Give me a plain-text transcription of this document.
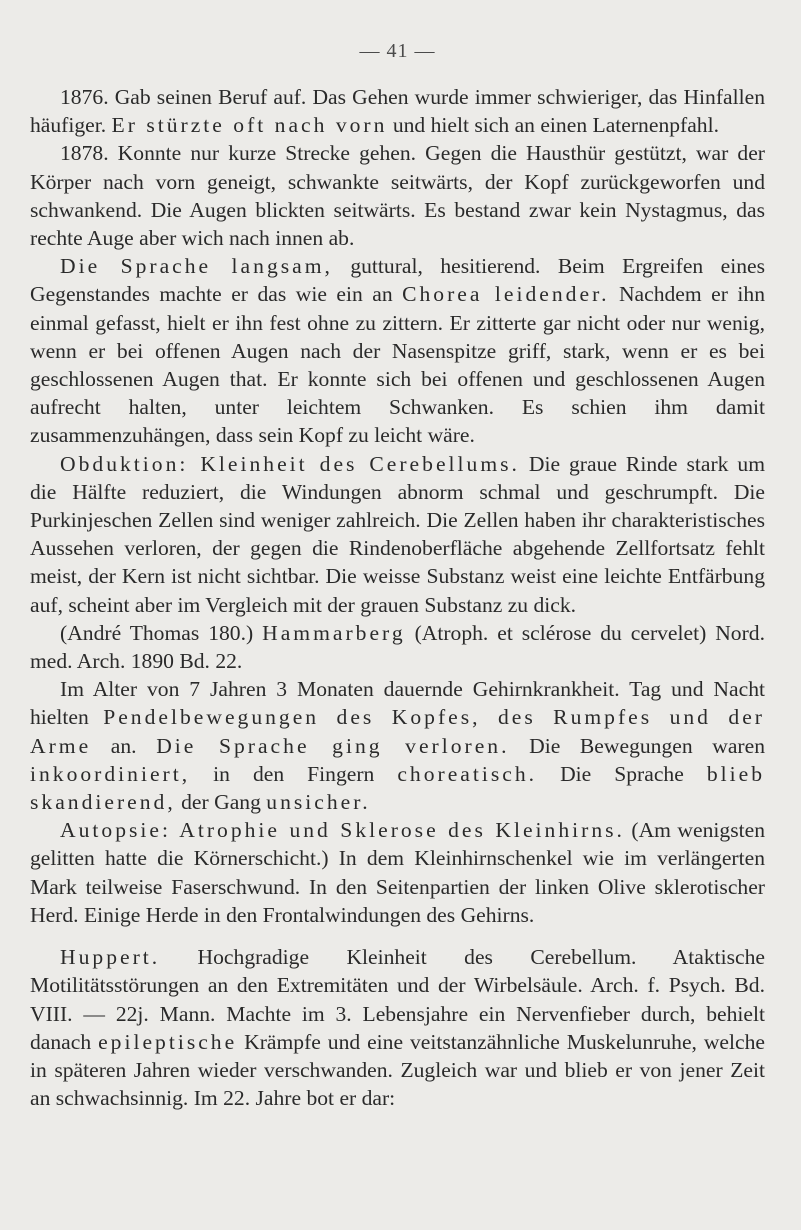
— 41 —

1876. Gab seinen Beruf auf. Das Gehen wurde immer schwieriger, das Hinfallen häufiger. Er stürzte oft nach vorn und hielt sich an einen Laternenpfahl.

1878. Konnte nur kurze Strecke gehen. Gegen die Hausthür gestützt, war der Körper nach vorn geneigt, schwankte seitwärts, der Kopf zurückgeworfen und schwankend. Die Augen blickten seitwärts. Es bestand zwar kein Nystagmus, das rechte Auge aber wich nach innen ab.

Die Sprache langsam, guttural, hesitierend. Beim Ergreifen eines Gegenstandes machte er das wie ein an Chorea leidender. Nachdem er ihn einmal gefasst, hielt er ihn fest ohne zu zittern. Er zitterte gar nicht oder nur wenig, wenn er bei offenen Augen nach der Nasenspitze griff, stark, wenn er es bei geschlossenen Augen that. Er konnte sich bei offenen und geschlossenen Augen aufrecht halten, unter leichtem Schwanken. Es schien ihm damit zusammenzuhängen, dass sein Kopf zu leicht wäre.

Obduktion: Kleinheit des Cerebellums. Die graue Rinde stark um die Hälfte reduziert, die Windungen abnorm schmal und geschrumpft. Die Purkinjeschen Zellen sind weniger zahlreich. Die Zellen haben ihr charakteristisches Aussehen verloren, der gegen die Rindenoberfläche abgehende Zellfortsatz fehlt meist, der Kern ist nicht sichtbar. Die weisse Substanz weist eine leichte Entfärbung auf, scheint aber im Vergleich mit der grauen Substanz zu dick.

(André Thomas 180.) Hammarberg (Atroph. et sclérose du cervelet) Nord. med. Arch. 1890 Bd. 22.

Im Alter von 7 Jahren 3 Monaten dauernde Gehirnkrankheit. Tag und Nacht hielten Pendelbewegungen des Kopfes, des Rumpfes und der Arme an. Die Sprache ging verloren. Die Bewegungen waren inkoordiniert, in den Fingern choreatisch. Die Sprache blieb skandierend, der Gang unsicher.

Autopsie: Atrophie und Sklerose des Kleinhirns. (Am wenigsten gelitten hatte die Körnerschicht.) In dem Kleinhirnschenkel wie im verlängerten Mark teilweise Faserschwund. In den Seitenpartien der linken Olive sklerotischer Herd. Einige Herde in den Frontalwindungen des Gehirns.

Huppert. Hochgradige Kleinheit des Cerebellum. Ataktische Motilitätsstörungen an den Extremitäten und der Wirbelsäule. Arch. f. Psych. Bd. VIII. — 22j. Mann. Machte im 3. Lebensjahre ein Nervenfieber durch, behielt danach epileptische Krämpfe und eine veitstanzähnliche Muskelunruhe, welche in späteren Jahren wieder verschwanden. Zugleich war und blieb er von jener Zeit an schwachsinnig. Im 22. Jahre bot er dar:
